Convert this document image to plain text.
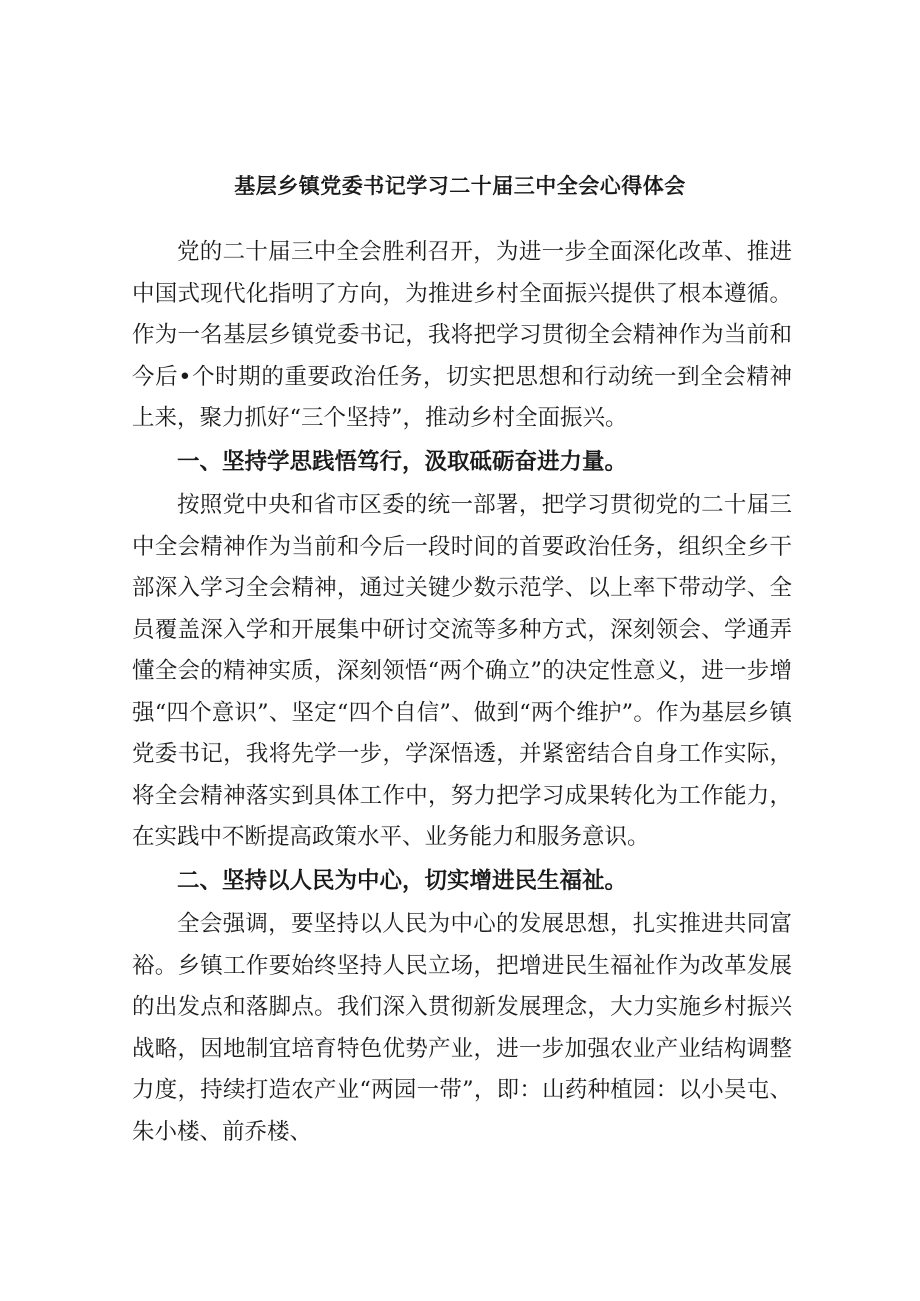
基层乡镇党委书记学习二十届三中全会心得体会

党的二十届三中全会胜利召开，为进一步全面深化改革、推进中国式现代化指明了方向，为推进乡村全面振兴提供了根本遵循。作为一名基层乡镇党委书记，我将把学习贯彻全会精神作为当前和今后•个时期的重要政治任务，切实把思想和行动统一到全会精神上来，聚力抓好“三个坚持”，推动乡村全面振兴。

一、坚持学思践悟笃行，汲取砥砺奋进力量。

按照党中央和省市区委的统一部署，把学习贯彻党的二十届三中全会精神作为当前和今后一段时间的首要政治任务，组织全乡干部深入学习全会精神，通过关键少数示范学、以上率下带动学、全员覆盖深入学和开展集中研讨交流等多种方式，深刻领会、学通弄懂全会的精神实质，深刻领悟“两个确立”的决定性意义，进一步增强“四个意识”、坚定“四个自信”、做到“两个维护”。作为基层乡镇党委书记，我将先学一步，学深悟透，并紧密结合自身工作实际，将全会精神落实到具体工作中，努力把学习成果转化为工作能力，在实践中不断提高政策水平、业务能力和服务意识。

二、坚持以人民为中心，切实增进民生福祉。

全会强调，要坚持以人民为中心的发展思想，扎实推进共同富裕。乡镇工作要始终坚持人民立场，把增进民生福祉作为改革发展的出发点和落脚点。我们深入贯彻新发展理念，大力实施乡村振兴战略，因地制宜培育特色优势产业，进一步加强农业产业结构调整力度，持续打造农产业“两园一带”，即：山药种植园：以小吴屯、朱小楼、前乔楼、
